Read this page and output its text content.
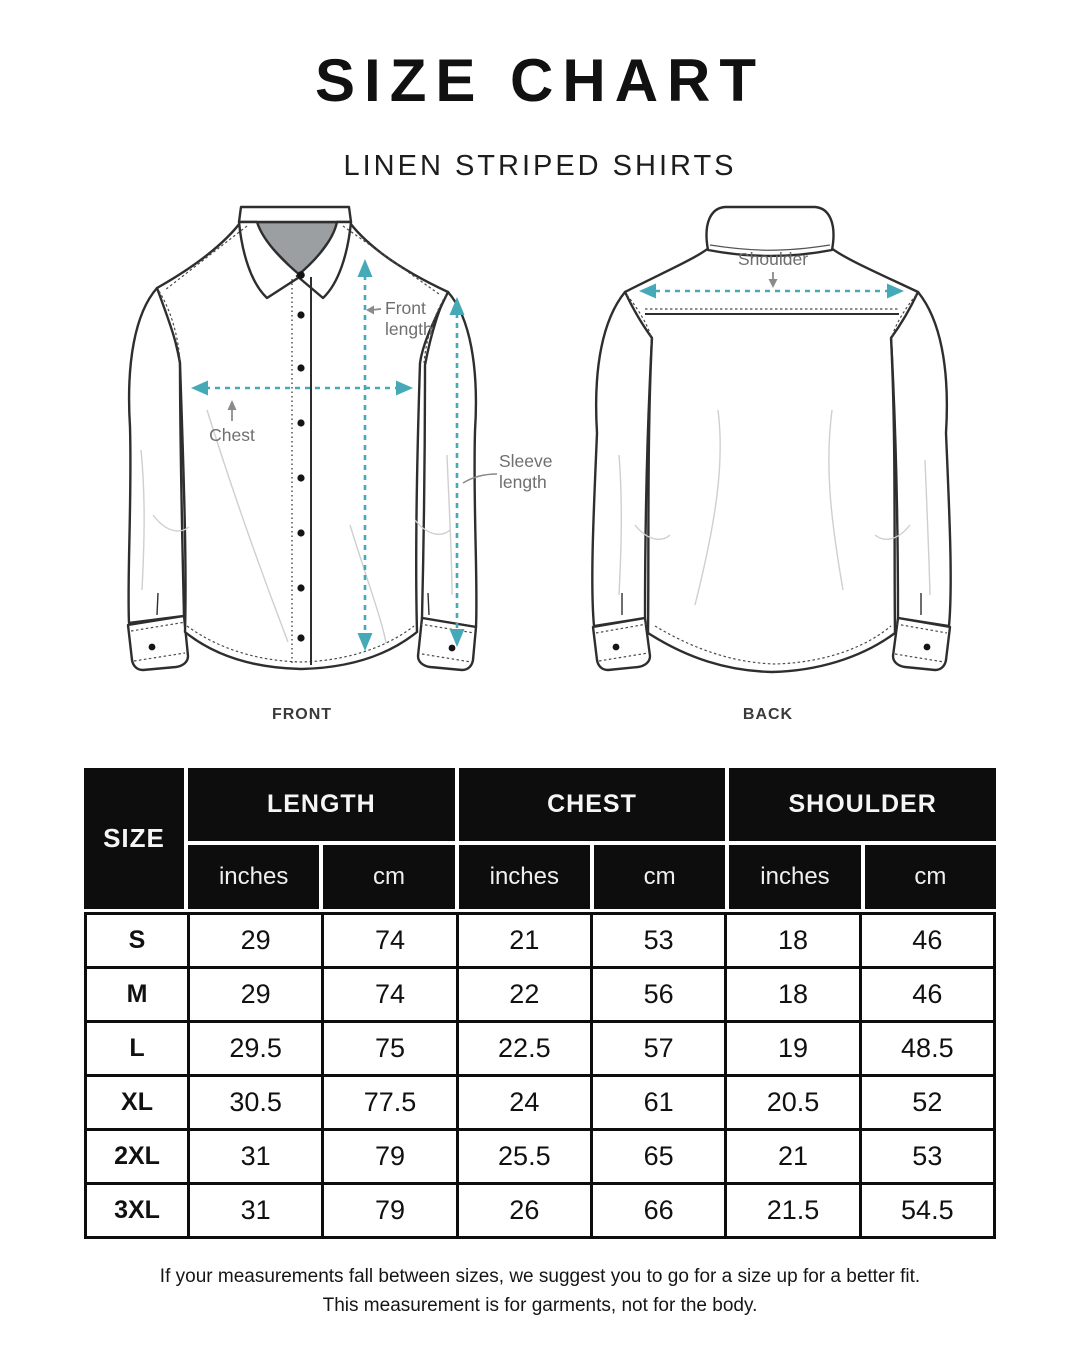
SIZE CHART
LINEN STRIPED SHIRTS
Chest
Front
length
Sleeve
length
Shoulder
FRONT	BACK
SIZE
LENGTH	CHEST	SHOULDER
inches	cm	inches	cm	inches	cm
S	29	74	21	53	18	46
M	29	74	22	56	18	46
L	29.5	75	22.5	57	19	48.5
XL	30.5	77.5	24	61	20.5	52
2XL	31	79	25.5	65	21	53
3XL	31	79	26	66	21.5	54.5
If your measurements fall between sizes, we suggest you to go for a size up for a better fit.
This measurement is for garments, not for the body.
